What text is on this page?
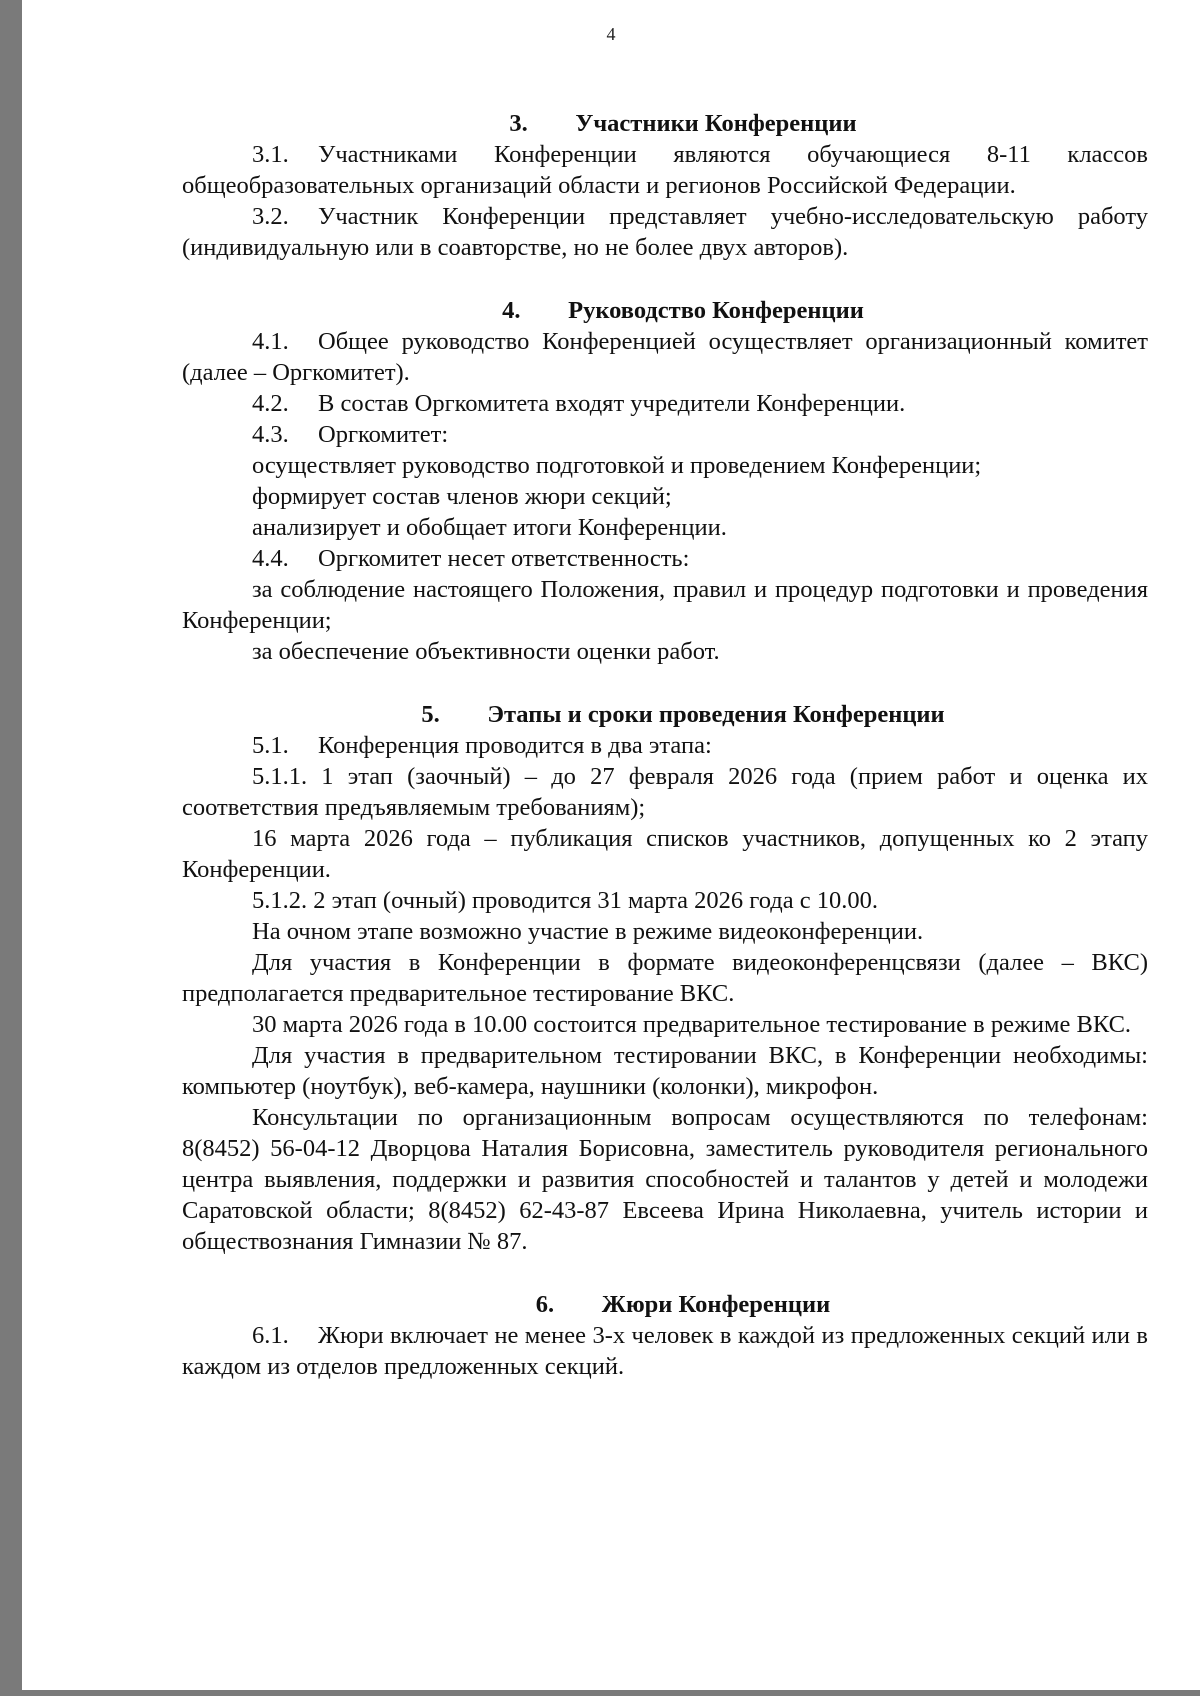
4
3. Участники Конференции

3.1. Участниками Конференции являются обучающиеся 8-11 классов общеобразовательных организаций области и регионов Российской Федерации.

3.2. Участник Конференции представляет учебно-исследовательскую работу (индивидуальную или в соавторстве, но не более двух авторов).

4. Руководство Конференции

4.1. Общее руководство Конференцией осуществляет организационный комитет (далее – Оргкомитет).

4.2. В состав Оргкомитета входят учредители Конференции.

4.3. Оргкомитет:

осуществляет руководство подготовкой и проведением Конференции;

формирует состав членов жюри секций;

анализирует и обобщает итоги Конференции.

4.4. Оргкомитет несет ответственность:

за соблюдение настоящего Положения, правил и процедур подготовки и проведения Конференции;

за обеспечение объективности оценки работ.

5. Этапы и сроки проведения Конференции

5.1. Конференция проводится в два этапа:

5.1.1. 1 этап (заочный) – до 27 февраля 2026 года (прием работ и оценка их соответствия предъявляемым требованиям);

16 марта 2026 года – публикация списков участников, допущенных ко 2 этапу Конференции.

5.1.2. 2 этап (очный) проводится 31 марта 2026 года с 10.00.

На очном этапе возможно участие в режиме видеоконференции.

Для участия в Конференции в формате видеоконференцсвязи (далее – ВКС) предполагается предварительное тестирование ВКС.

30 марта 2026 года в 10.00 состоится предварительное тестирование в режиме ВКС.

Для участия в предварительном тестировании ВКС, в Конференции необходимы: компьютер (ноутбук), веб-камера, наушники (колонки), микрофон.

Консультации по организационным вопросам осуществляются по телефонам: 8(8452) 56-04-12 Дворцова Наталия Борисовна, заместитель руководителя регионального центра выявления, поддержки и развития способностей и талантов у детей и молодежи Саратовской области; 8(8452) 62-43-87 Евсеева Ирина Николаевна, учитель истории и обществознания Гимназии № 87.

6. Жюри Конференции

6.1. Жюри включает не менее 3-х человек в каждой из предложенных секций или в каждом из отделов предложенных секций.
